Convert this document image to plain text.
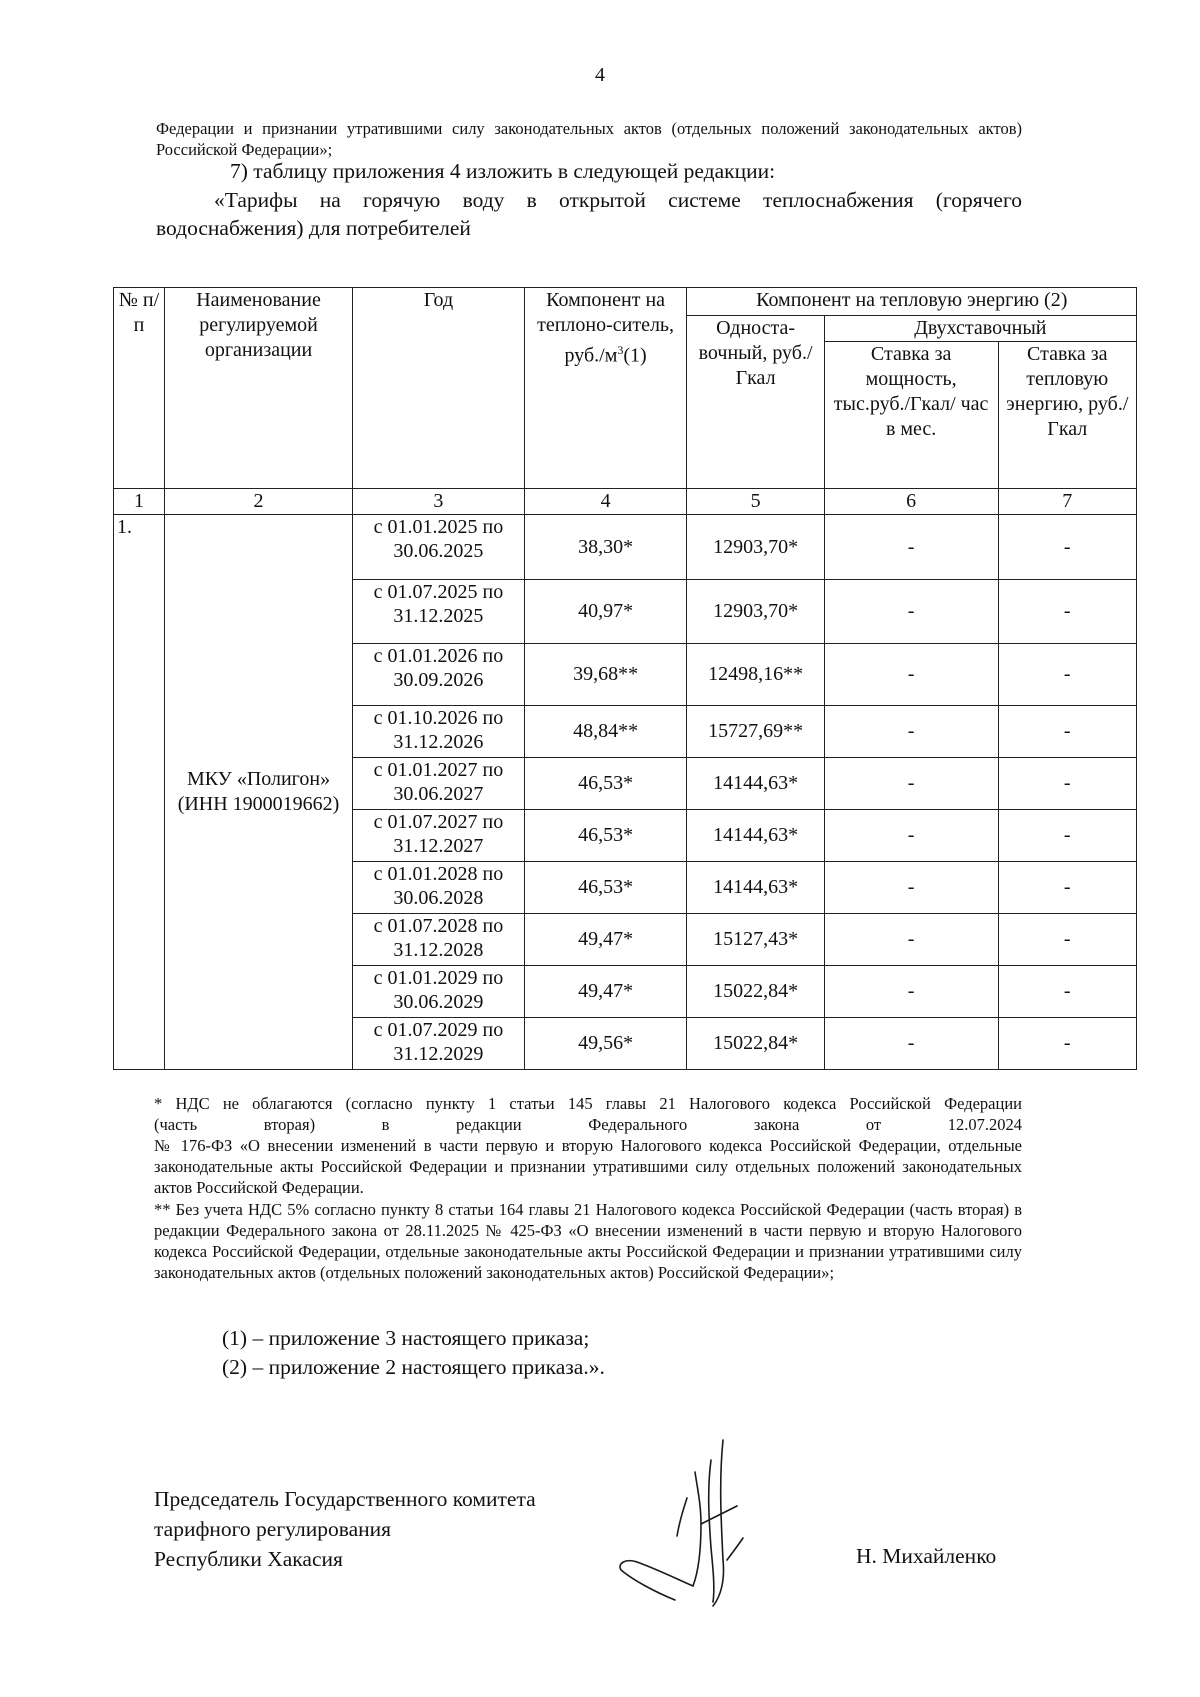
4
Федерации и признании утратившими силу законодательных актов (отдельных положений законодательных актов) Российской Федерации»;
7) таблицу приложения 4 изложить в следующей редакции:
«Тарифы на горячую воду в открытой системе теплоснабжения (горячего водоснабжения) для потребителей
№ п/п	Наименование регулируемой организации	Год	Компонент на теплоно-ситель, $руб./м^3(1)$	Компонент на тепловую энергию (2)		
				Односта-вочный, руб./Гкал	Двухставочный	
					Ставка за мощность, тыс.руб./Гкал/ час в мес.	Ставка за тепловую энергию, руб./Гкал
1	2	3	4	5	6	7
1.	МКУ «Полигон» (ИНН 1900019662)	с 01.01.2025 по 30.06.2025	38,30*	12903,70*	-	-
		с 01.07.2025 по 31.12.2025	40,97*	12903,70*	-	-
		с 01.01.2026 по 30.09.2026	39,68**	12498,16**	-	-
		с 01.10.2026 по 31.12.2026	48,84**	15727,69**	-	-
		с 01.01.2027 по 30.06.2027	46,53*	14144,63*	-	-
		с 01.07.2027 по 31.12.2027	46,53*	14144,63*	-	-
		с 01.01.2028 по 30.06.2028	46,53*	14144,63*	-	-
		с 01.07.2028 по 31.12.2028	49,47*	15127,43*	-	-
		с 01.01.2029 по 30.06.2029	49,47*	15022,84*	-	-
		с 01.07.2029 по 31.12.2029	49,56*	15022,84*	-	-
* НДС не облагаются (согласно пункту 1 статьи 145 главы 21 Налогового кодекса Российской Федерации
(часть вторая) в редакции Федерального закона от 12.07.2024
№ 176-ФЗ «О внесении изменений в части первую и вторую Налогового кодекса Российской Федерации, отдельные законодательные акты Российской Федерации и признании утратившими силу отдельных положений законодательных актов Российской Федерации.
** Без учета НДС 5% согласно пункту 8 статьи 164 главы 21 Налогового кодекса Российской Федерации (часть вторая) в редакции Федерального закона от 28.11.2025 № 425-ФЗ «О внесении изменений в части первую и вторую Налогового кодекса Российской Федерации, отдельные законодательные акты Российской Федерации и признании утратившими силу законодательных актов (отдельных положений законодательных актов) Российской Федерации»;
(1) – приложение 3 настоящего приказа;
(2) – приложение 2 настоящего приказа.».
Председатель Государственного комитета
тарифного регулирования
Республики Хакасия	Н. Михайленко
